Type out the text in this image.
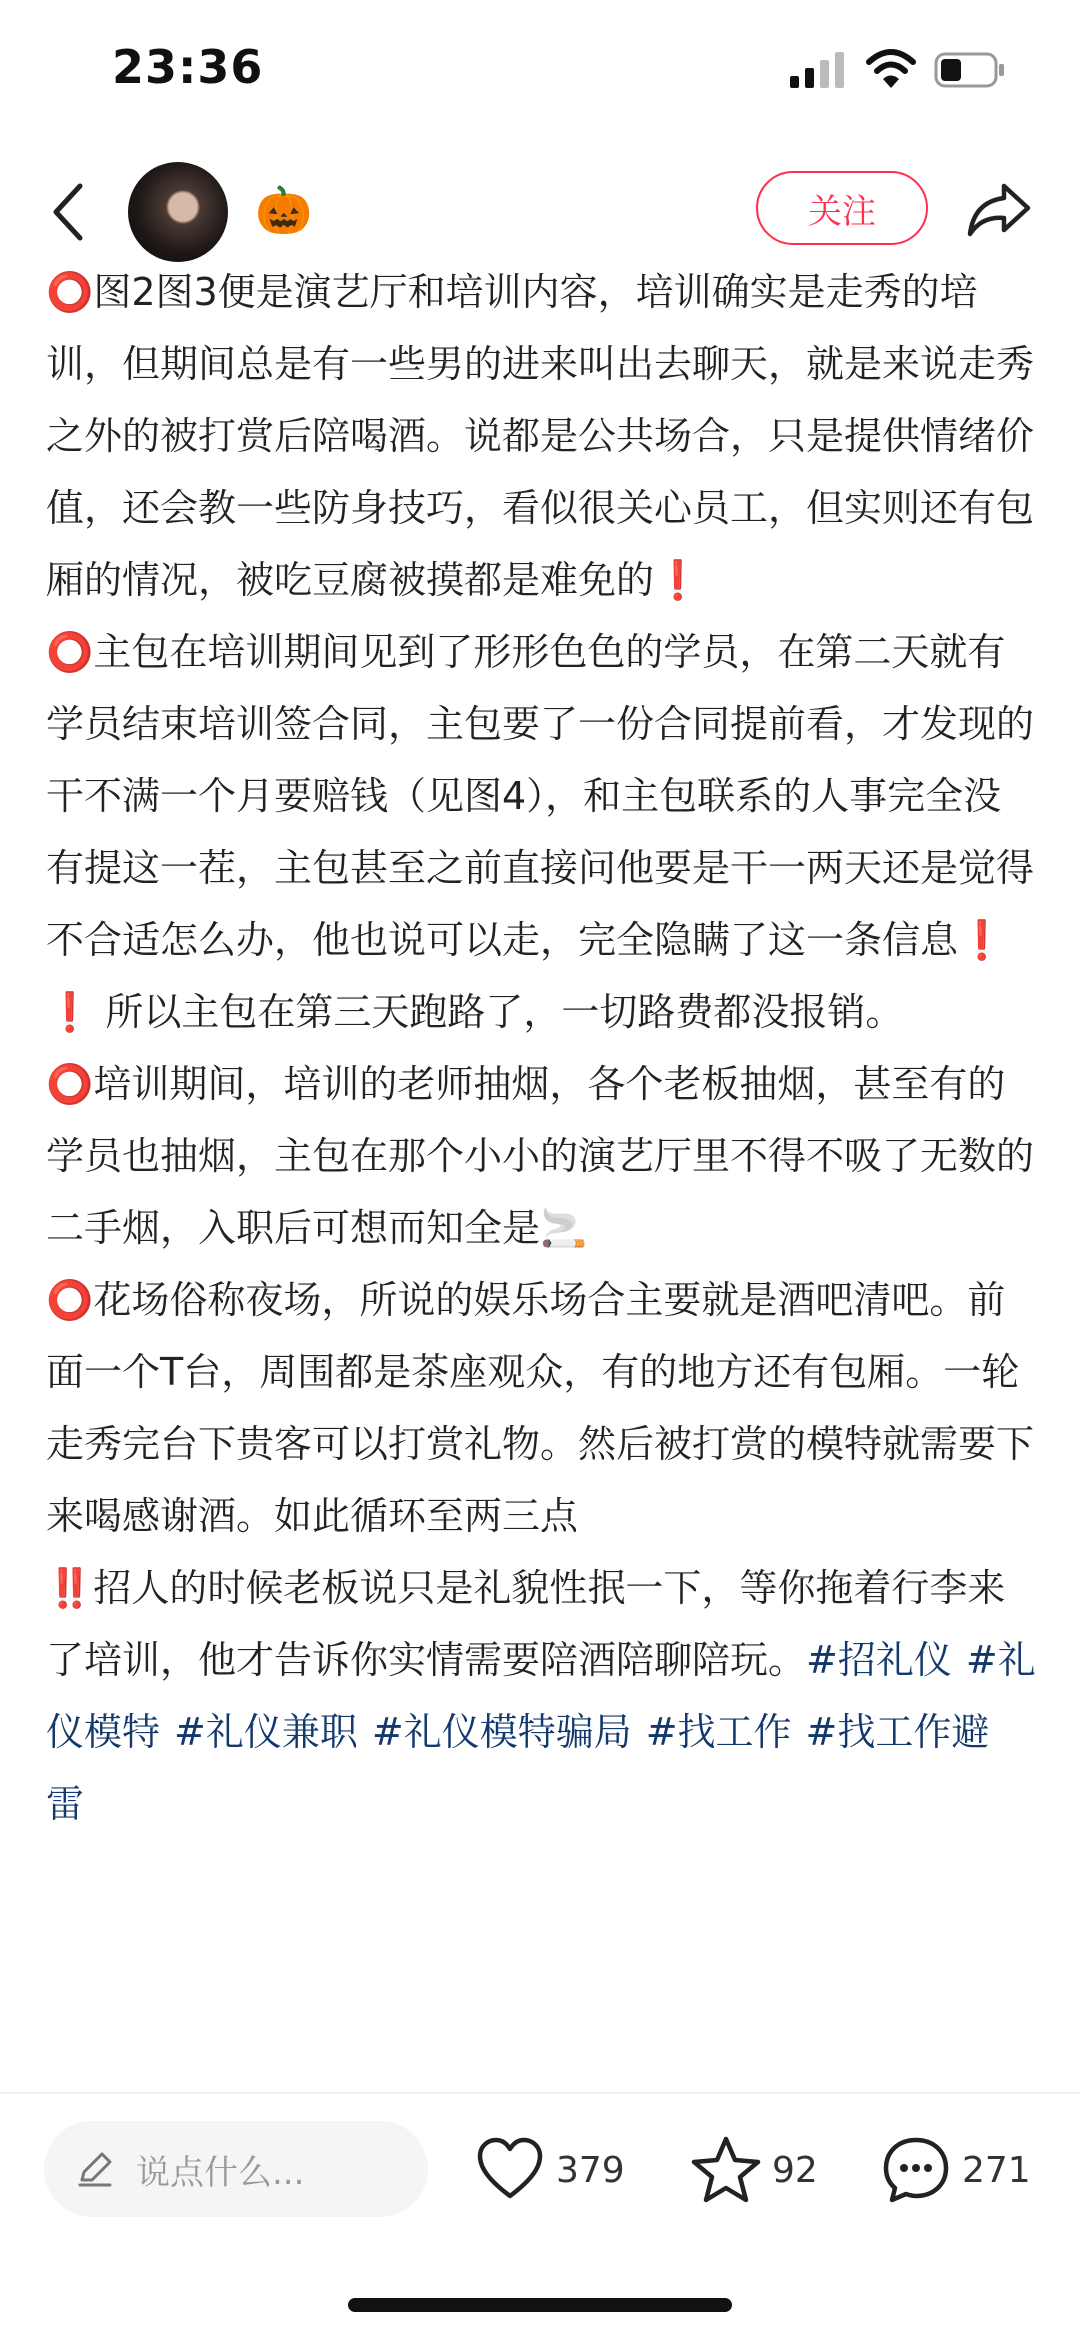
23:36
🎃	关注

⭕图2图3便是演艺厅和培训内容，培训确实是走秀的培训，但期间总是有一些男的进来叫出去聊天，就是来说走秀之外的被打赏后陪喝酒。说都是公共场合，只是提供情绪价值，还会教一些防身技巧，看似很关心员工，但实则还有包厢的情况，被吃豆腐被摸都是难免的❗

⭕主包在培训期间见到了形形色色的学员，在第二天就有学员结束培训签合同，主包要了一份合同提前看，才发现的干不满一个月要赔钱（见图4），和主包联系的人事完全没有提这一茬，主包甚至之前直接问他要是干一两天还是觉得不合适怎么办，他也说可以走，完全隐瞒了这一条信息❗ ❗ 所以主包在第三天跑路了，一切路费都没报销。

⭕培训期间，培训的老师抽烟，各个老板抽烟，甚至有的学员也抽烟，主包在那个小小的演艺厅里不得不吸了无数的二手烟，入职后可想而知全是🚬

⭕花场俗称夜场，所说的娱乐场合主要就是酒吧清吧。前面一个T台，周围都是茶座观众，有的地方还有包厢。一轮走秀完台下贵客可以打赏礼物。然后被打赏的模特就需要下来喝感谢酒。如此循环至两三点

‼️招人的时候老板说只是礼貌性抿一下，等你拖着行李来了培训，他才告诉你实情需要陪酒陪聊陪玩。#招礼仪 #礼仪模特 #礼仪兼职 #礼仪模特骗局 #找工作 #找工作避雷

说点什么...	379	92	271
